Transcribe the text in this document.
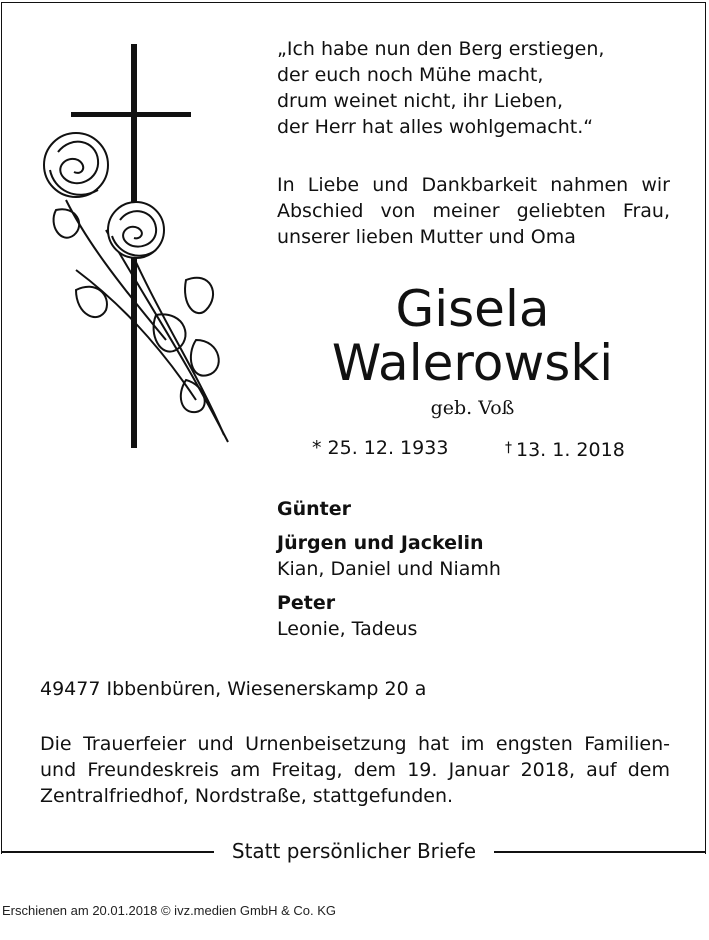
Statt persönlicher Briefe
„Ich habe nun den Berg erstiegen,
der euch noch Mühe macht,
drum weinet nicht, ihr Lieben,
der Herr hat alles wohlgemacht.“
In Liebe und Dankbarkeit nahmen wir
Abschied von meiner geliebten Frau,
unserer lieben Mutter und Oma
Gisela
Walerowski
geb. Voß
* 25. 12. 1933	† 13. 1. 2018
Günter
Jürgen und Jackelin
Kian, Daniel und Niamh
Peter
Leonie, Tadeus
49477 Ibbenbüren, Wiesenerskamp 20 a
Die Trauerfeier und Urnenbeisetzung hat im engsten Familien-
und Freundeskreis am Freitag, dem 19. Januar 2018, auf dem
Zentralfriedhof, Nordstraße, stattgefunden.
Erschienen am 20.01.2018 © ivz.medien GmbH & Co. KG
